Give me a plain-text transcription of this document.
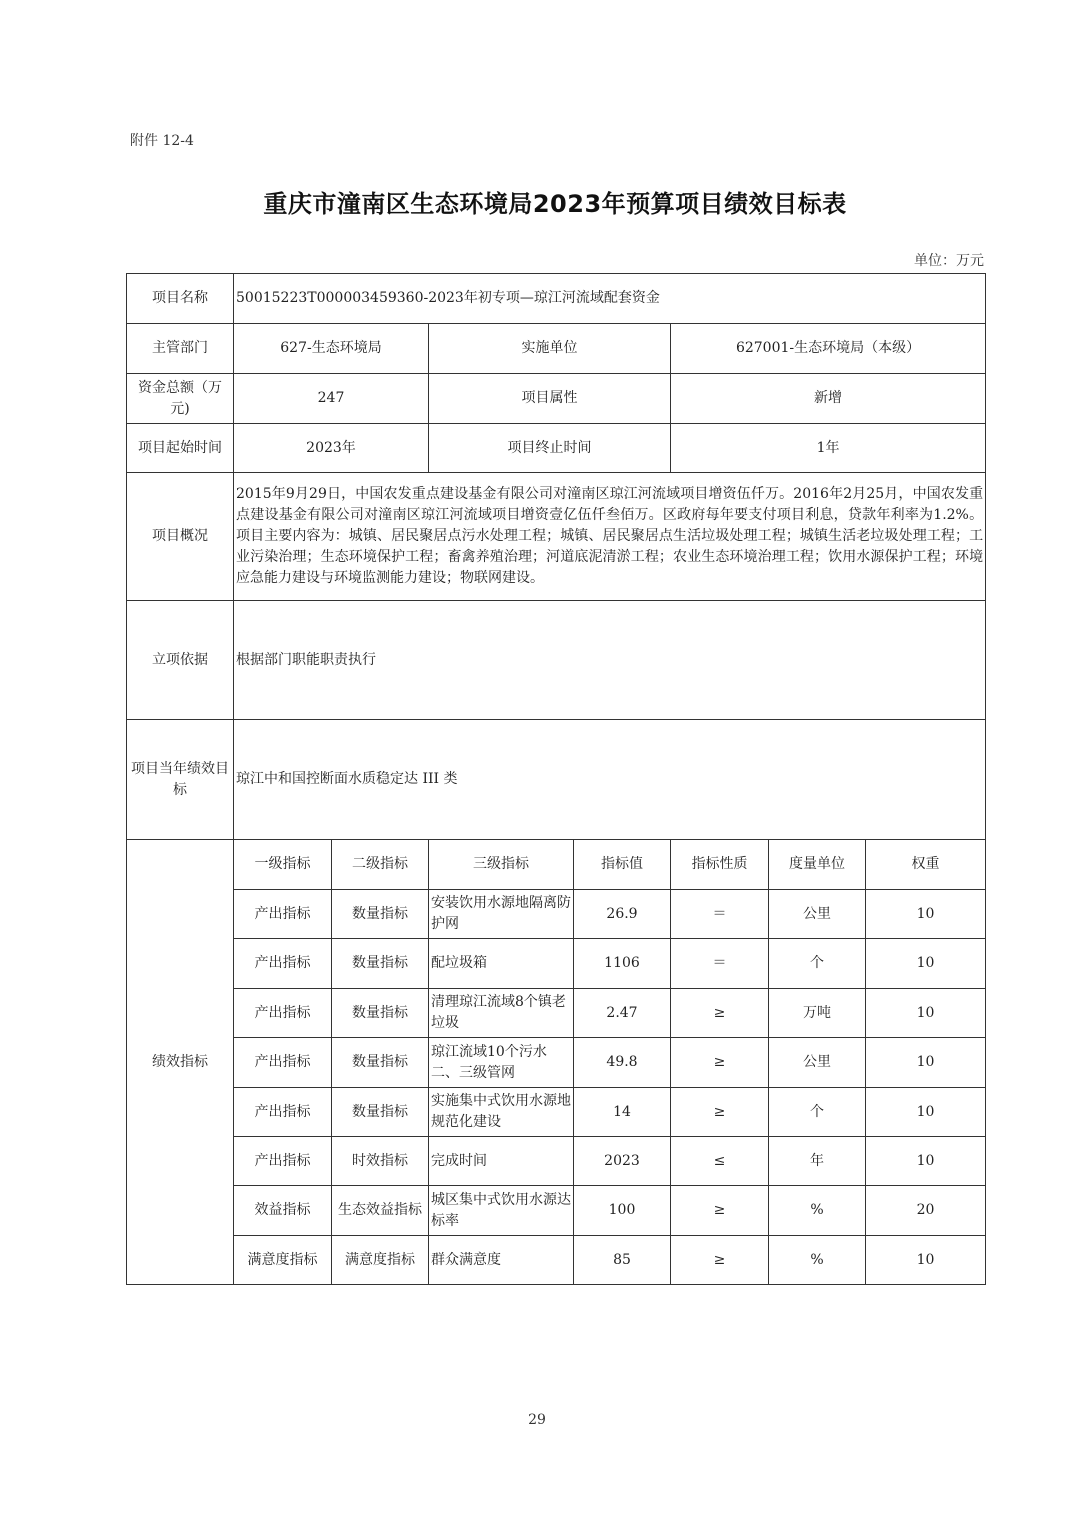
附件 12-4
重庆市潼南区生态环境局2023年预算项目绩效目标表
单位：万元
项目名称	50015223T000003459360-2023年初专项—琼江河流域配套资金						
主管部门	627-生态环境局		实施单位		627001-生态环境局（本级）		
资金总额（万元)	247		项目属性		新增		
项目起始时间	2023年		项目终止时间		1年		
项目概况	2015年9月29日，中国农发重点建设基金有限公司对潼南区琼江河流域项目增资伍仟万。2016年2月25月，中国农发重点建设基金有限公司对潼南区琼江河流域项目增资壹亿伍仟叁佰万。区政府每年要支付项目利息，贷款年利率为1.2%。项目主要内容为：城镇、居民聚居点污水处理工程；城镇、居民聚居点生活垃圾处理工程；城镇生活老垃圾处理工程；工业污染治理；生态环境保护工程；畜禽养殖治理；河道底泥清淤工程；农业生态环境治理工程；饮用水源保护工程；环境应急能力建设与环境监测能力建设；物联网建设。						
立项依据	根据部门职能职责执行						
项目当年绩效目标	琼江中和国控断面水质稳定达 III 类						
绩效指标	一级指标	二级指标	三级指标	指标值	指标性质	度量单位	权重
	产出指标	数量指标	安装饮用水源地隔离防护网	26.9	＝	公里	10
	产出指标	数量指标	配垃圾箱	1106	＝	个	10
	产出指标	数量指标	清理琼江流域8个镇老垃圾	2.47	≥	万吨	10
	产出指标	数量指标	琼江流域10个污水二、三级管网	49.8	≥	公里	10
	产出指标	数量指标	实施集中式饮用水源地规范化建设	14	≥	个	10
	产出指标	时效指标	完成时间	2023	≤	年	10
	效益指标	生态效益指标	城区集中式饮用水源达标率	100	≥	%	20
	满意度指标	满意度指标	群众满意度	85	≥	%	10
29
